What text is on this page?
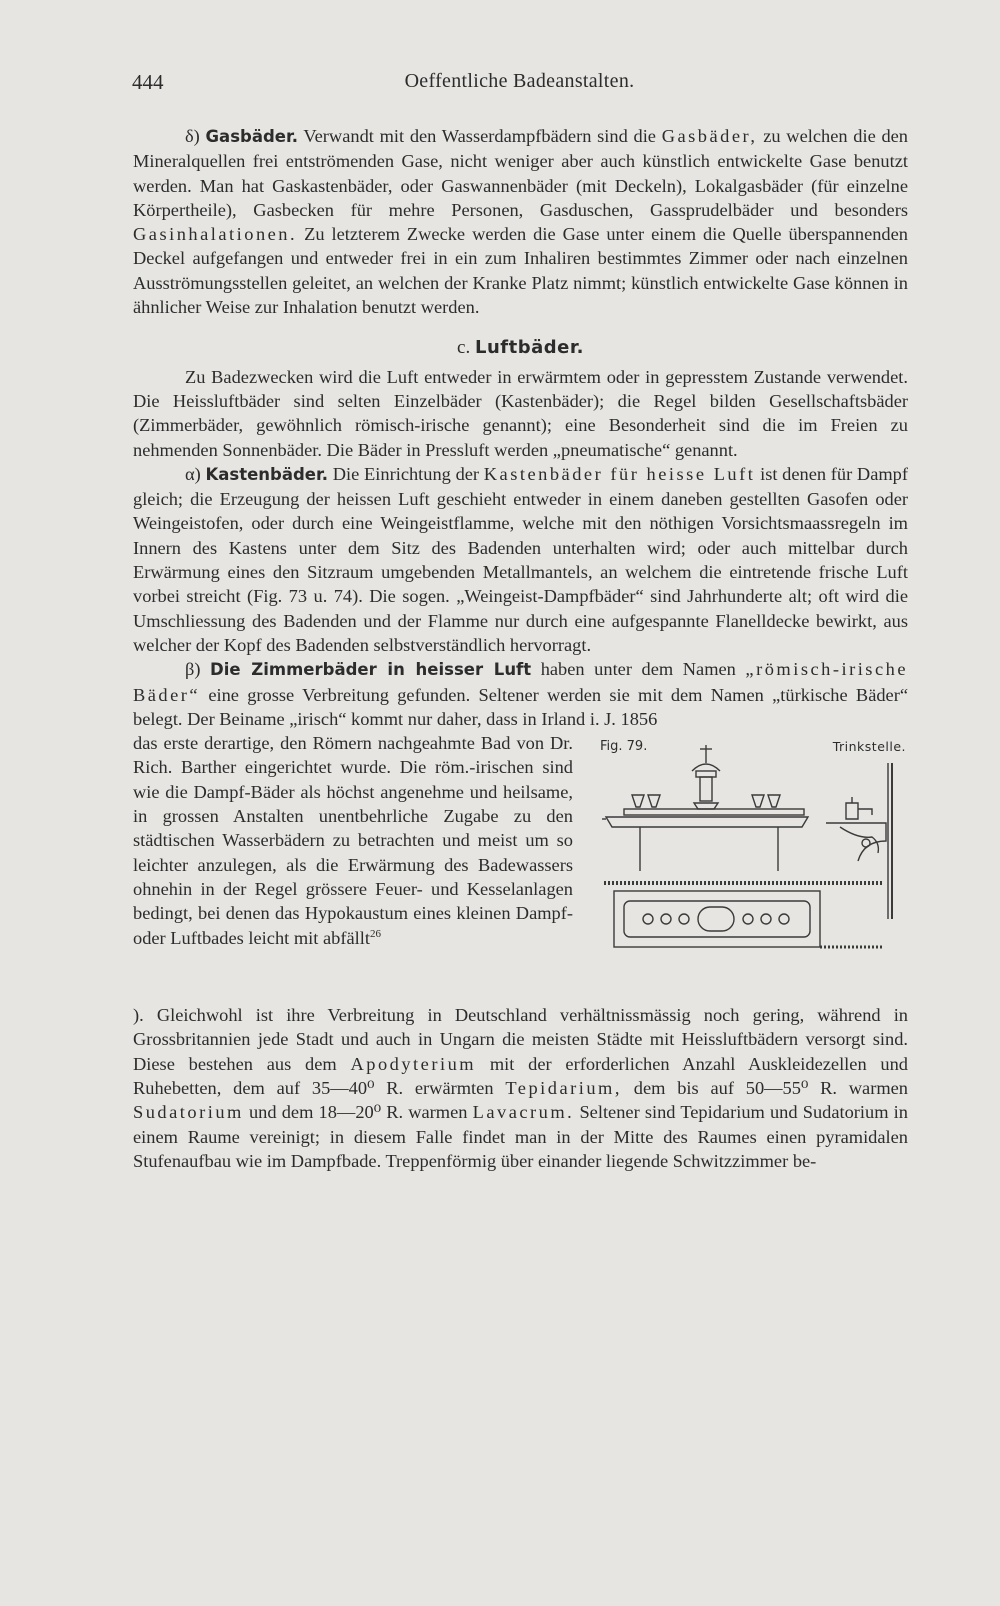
444	Oeffentliche Badeanstalten.

δ) Gasbäder. Verwandt mit den Wasserdampfbädern sind die Gasbäder, zu welchen die den Mineralquellen frei entströmenden Gase, nicht weniger aber auch künstlich entwickelte Gase benutzt werden. Man hat Gaskastenbäder, oder Gaswannenbäder (mit Deckeln), Lokalgasbäder (für einzelne Körpertheile), Gasbecken für mehre Personen, Gasduschen, Gassprudelbäder und besonders Gasinhalationen. Zu letzterem Zwecke werden die Gase unter einem die Quelle überspannenden Deckel aufgefangen und entweder frei in ein zum Inhaliren bestimmtes Zimmer oder nach einzelnen Ausströmungsstellen geleitet, an welchen der Kranke Platz nimmt; künstlich entwickelte Gase können in ähnlicher Weise zur Inhalation benutzt werden.

c. Luftbäder.

Zu Badezwecken wird die Luft entweder in erwärmtem oder in gepresstem Zustande verwendet. Die Heissluftbäder sind selten Einzelbäder (Kastenbäder); die Regel bilden Gesellschaftsbäder (Zimmerbäder, gewöhnlich römisch-irische genannt); eine Besonderheit sind die im Freien zu nehmenden Sonnenbäder. Die Bäder in Pressluft werden „pneumatische“ genannt.

α) Kastenbäder. Die Einrichtung der Kastenbäder für heisse Luft ist denen für Dampf gleich; die Erzeugung der heissen Luft geschieht entweder in einem daneben gestellten Gasofen oder Weingeistofen, oder durch eine Weingeistflamme, welche mit den nöthigen Vorsichtsmaassregeln im Innern des Kastens unter dem Sitz des Badenden unterhalten wird; oder auch mittelbar durch Erwärmung eines den Sitzraum umgebenden Metallmantels, an welchem die eintretende frische Luft vorbei streicht (Fig. 73 u. 74). Die sogen. „Weingeist-Dampfbäder“ sind Jahrhunderte alt; oft wird die Umschliessung des Badenden und der Flamme nur durch eine aufgespannte Flanelldecke bewirkt, aus welcher der Kopf des Badenden selbstverständlich hervorragt.

β) Die Zimmerbäder in heisser Luft haben unter dem Namen „römisch-irische Bäder“ eine grosse Verbreitung gefunden. Seltener werden sie mit dem Namen „türkische Bäder“ belegt. Der Beiname „irisch“ kommt nur daher, dass in Irland i. J. 1856

Fig. 79.	Trinkstelle.
das erste derartige, den Römern nachgeahmte Bad von Dr. Rich. Barther eingerichtet wurde. Die röm.-irischen sind wie die Dampf-Bäder als höchst angenehme und heilsame, in grossen Anstalten unentbehrliche Zugabe zu den städtischen Wasserbädern zu betrachten und meist um so leichter anzulegen, als die Erwärmung des Badewassers ohnehin in der Regel grössere Feuer- und Kesselanlagen bedingt, bei denen das Hypokaustum eines kleinen Dampf- oder Luftbades leicht mit abfällt$^{26}$

). Gleichwohl ist ihre Verbreitung in Deutschland verhältnissmässig noch gering, während in Grossbritannien jede Stadt und auch in Ungarn die meisten Städte mit Heissluftbädern versorgt sind. Diese bestehen aus dem Apodyterium mit der erforderlichen Anzahl Auskleidezellen und Ruhebetten, dem auf 35—40⁰ R. erwärmten Tepidarium, dem bis auf 50—55⁰ R. warmen Sudatorium und dem 18—20⁰ R. warmen Lavacrum. Seltener sind Tepidarium und Sudatorium in einem Raume vereinigt; in diesem Falle findet man in der Mitte des Raumes einen pyramidalen Stufenaufbau wie im Dampfbade. Treppenförmig über einander liegende Schwitzzimmer be-
